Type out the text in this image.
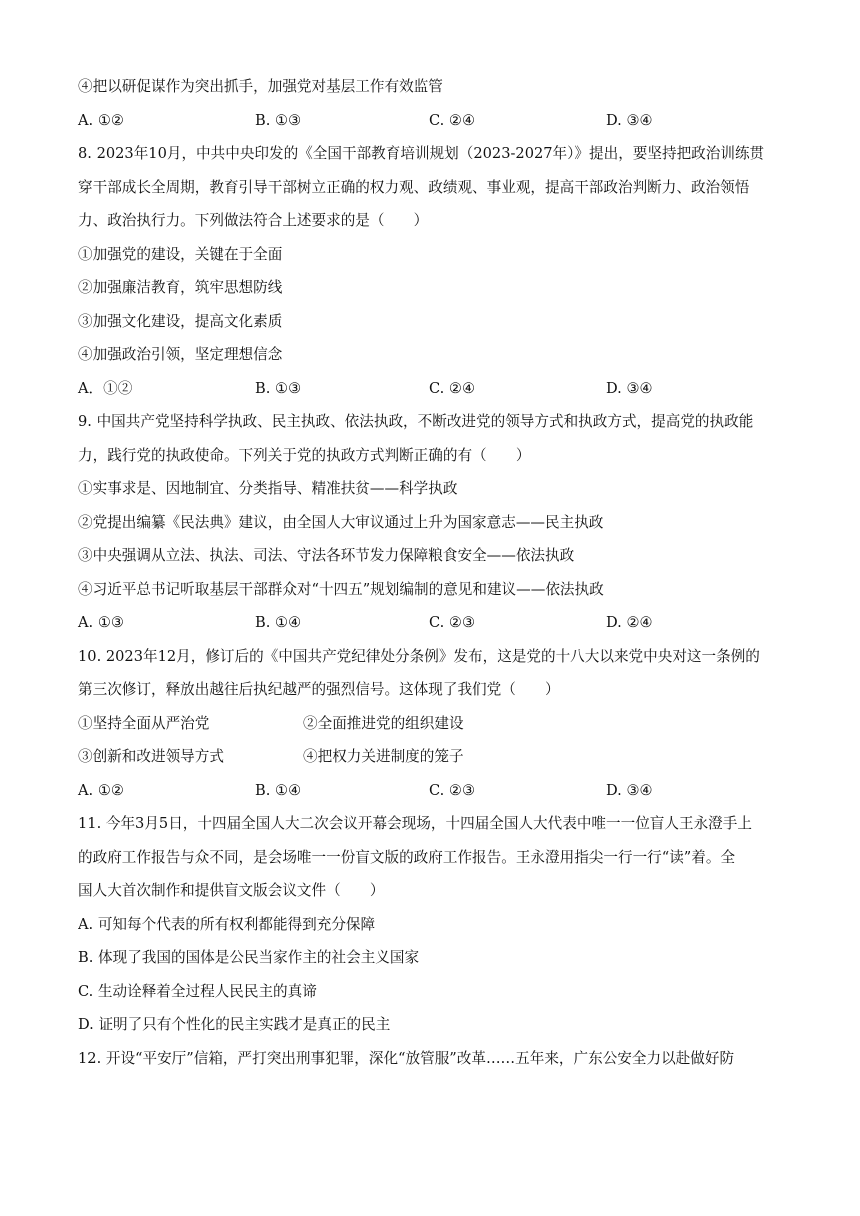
④把以研促谋作为突出抓手，加强党对基层工作有效监管
A. ①②	B. ①③	C. ②④	D. ③④
8. 2023年10月，中共中央印发的《全国干部教育培训规划（2023-2027年）》提出，要坚持把政治训练贯
穿干部成长全周期，教育引导干部树立正确的权力观、政绩观、事业观，提高干部政治判断力、政治领悟
力、政治执行力。下列做法符合上述要求的是（　　）
①加强党的建设，关键在于全面
②加强廉洁教育，筑牢思想防线
③加强文化建设，提高文化素质
④加强政治引领，坚定理想信念
A．①②	B. ①③	C. ②④	D. ③④
9. 中国共产党坚持科学执政、民主执政、依法执政，不断改进党的领导方式和执政方式，提高党的执政能
力，践行党的执政使命。下列关于党的执政方式判断正确的有（　　）
①实事求是、因地制宜、分类指导、精准扶贫——科学执政
②党提出编纂《民法典》建议，由全国人大审议通过上升为国家意志——民主执政
③中央强调从立法、执法、司法、守法各环节发力保障粮食安全——依法执政
④习近平总书记听取基层干部群众对“十四五”规划编制的意见和建议——依法执政
A. ①③	B. ①④	C. ②③	D. ②④
10. 2023年12月，修订后的《中国共产党纪律处分条例》发布，这是党的十八大以来党中央对这一条例的
第三次修订，释放出越往后执纪越严的强烈信号。这体现了我们党（　　）
①坚持全面从严治党	②全面推进党的组织建设
③创新和改进领导方式	④把权力关进制度的笼子
A. ①②	B. ①④	C. ②③	D. ③④
11. 今年3月5日，十四届全国人大二次会议开幕会现场，十四届全国人大代表中唯一一位盲人王永澄手上
的政府工作报告与众不同，是会场唯一一份盲文版的政府工作报告。王永澄用指尖一行一行“读”着。全
国人大首次制作和提供盲文版会议文件（　　）
A. 可知每个代表的所有权利都能得到充分保障
B. 体现了我国的国体是公民当家作主的社会主义国家
C. 生动诠释着全过程人民民主的真谛
D. 证明了只有个性化的民主实践才是真正的民主
12. 开设“平安厅”信箱，严打突出刑事犯罪，深化“放管服”改革……五年来，广东公安全力以赴做好防
